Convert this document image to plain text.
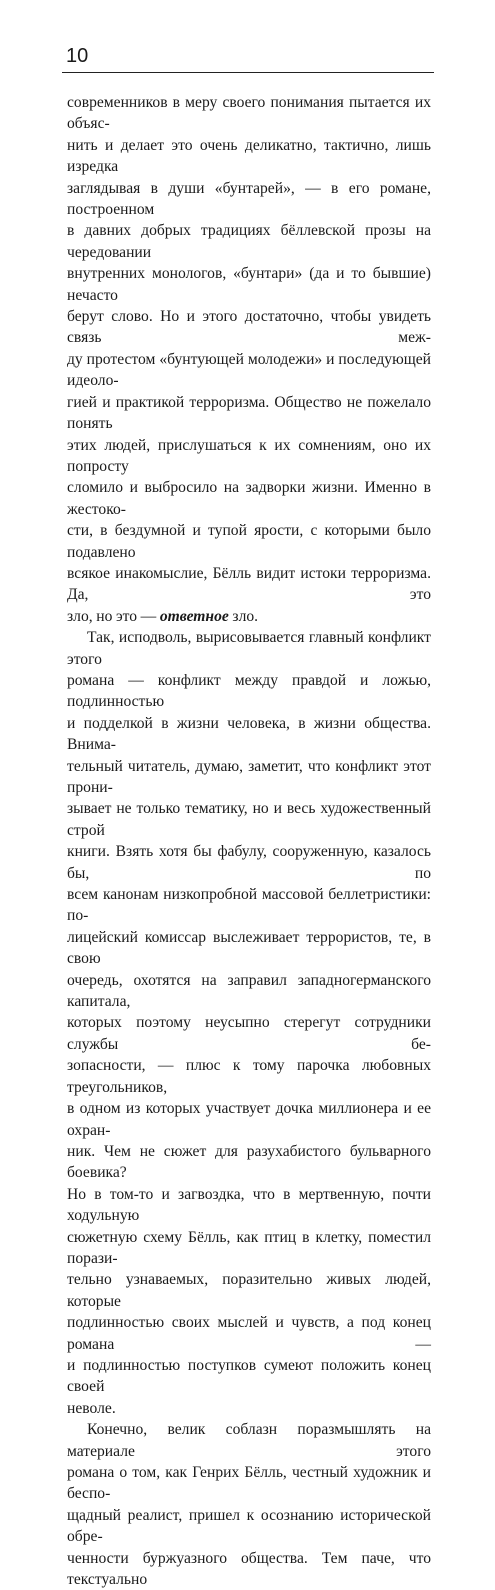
10

современников в меру своего понимания пытается их объяс-

нить и делает это очень деликатно, тактично, лишь изредка

заглядывая в души «бунтарей», — в его романе, построенном

в давних добрых традициях бёллевской прозы на чередовании

внутренних монологов, «бунтари» (да и то бывшие) нечасто

берут слово. Но и этого достаточно, чтобы увидеть связь меж-

ду протестом «бунтующей молодежи» и последующей идеоло-

гией и практикой терроризма. Общество не пожелало понять

этих людей, прислушаться к их сомнениям, оно их попросту

сломило и выбросило на задворки жизни. Именно в жестоко-

сти, в бездумной и тупой ярости, с которыми было подавлено

всякое инакомыслие, Бёлль видит истоки терроризма. Да, это

зло, но это — ответное зло.

Так, исподволь, вырисовывается главный конфликт этого

романа — конфликт между правдой и ложью, подлинностью

и подделкой в жизни человека, в жизни общества. Внима-

тельный читатель, думаю, заметит, что конфликт этот прони-

зывает не только тематику, но и весь художественный строй

книги. Взять хотя бы фабулу, сооруженную, казалось бы, по

всем канонам низкопробной массовой беллетристики: по-

лицейский комиссар выслеживает террористов, те, в свою

очередь, охотятся на заправил западногерманского капитала,

которых поэтому неусыпно стерегут сотрудники службы бе-

зопасности, — плюс к тому парочка любовных треугольников,

в одном из которых участвует дочка миллионера и ее охран-

ник. Чем не сюжет для разухабистого бульварного боевика?

Но в том-то и загвоздка, что в мертвенную, почти ходульную

сюжетную схему Бёлль, как птиц в клетку, поместил порази-

тельно узнаваемых, поразительно живых людей, которые

подлинностью своих мыслей и чувств, а под конец романа —

и подлинностью поступков сумеют положить конец своей

неволе.

Конечно, велик соблазн поразмышлять на материале этого

романа о том, как Генрих Бёлль, честный художник и беспо-

щадный реалист, пришел к осознанию исторической обре-

ченности буржуазного общества. Тем паче, что текстуально
